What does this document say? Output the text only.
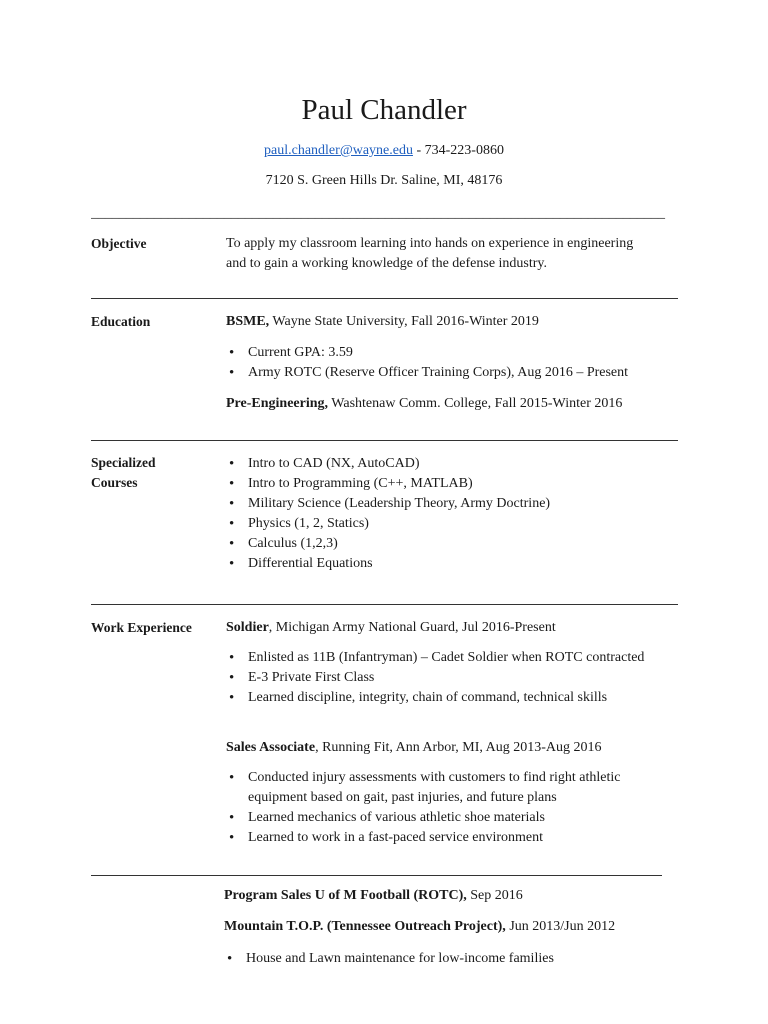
Paul Chandler
paul.chandler@wayne.edu - 734-223-0860
7120 S. Green Hills Dr. Saline, MI, 48176
__________________________________________________________________________________
Objective	To apply my classroom learning into hands on experience in engineering
and to gain a working knowledge of the defense industry.
Education	BSME, Wayne State University, Fall 2016-Winter 2019
• Current GPA: 3.59
• Army ROTC (Reserve Officer Training Corps), Aug 2016 – Present
Pre-Engineering, Washtenaw Comm. College, Fall 2015-Winter 2016
Specialized
Courses
• Intro to CAD (NX, AutoCAD)
• Intro to Programming (C++, MATLAB)
• Military Science (Leadership Theory, Army Doctrine)
• Physics (1, 2, Statics)
• Calculus (1,2,3)
• Differential Equations
Work Experience Soldier, Michigan Army National Guard, Jul 2016-Present
• Enlisted as 11B (Infantryman) – Cadet Soldier when ROTC contracted
• E-3 Private First Class
• Learned discipline, integrity, chain of command, technical skills
Sales Associate, Running Fit, Ann Arbor, MI, Aug 2013-Aug 2016
• Conducted injury assessments with customers to find right athletic
equipment based on gait, past injuries, and future plans
• Learned mechanics of various athletic shoe materials
• Learned to work in a fast-paced service environment
Program Sales U of M Football (ROTC), Sep 2016
Mountain T.O.P. (Tennessee Outreach Project), Jun 2013/Jun 2012
• House and Lawn maintenance for low-income families
